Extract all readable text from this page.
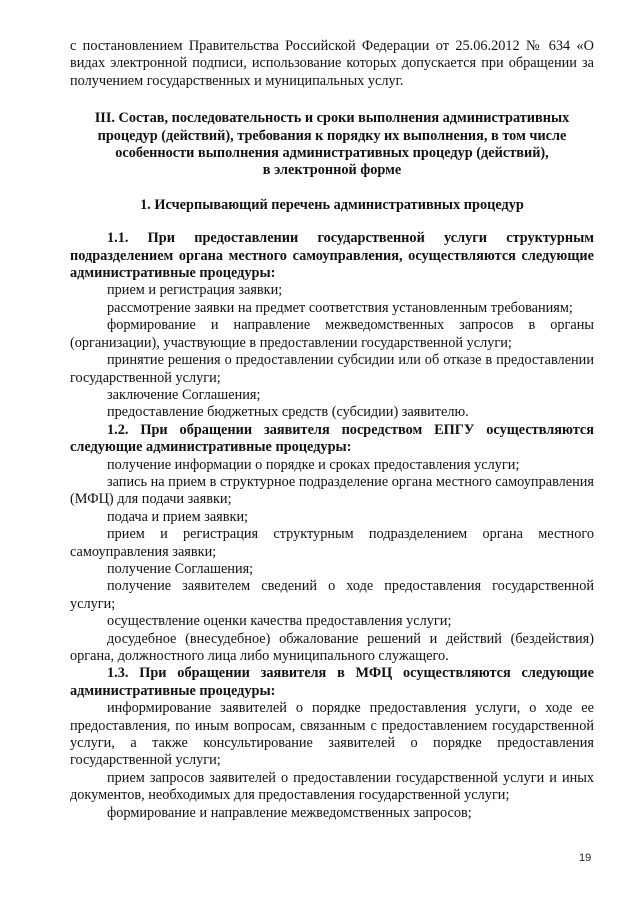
с постановлением Правительства Российской Федерации от 25.06.2012 № 634 «О видах электронной подписи, использование которых допускается при обращении за получением государственных и муниципальных услуг.

III. Состав, последовательность и сроки выполнения административных
процедур (действий), требования к порядку их выполнения, в том числе
особенности выполнения административных процедур (действий),
в электронной форме

1. Исчерпывающий перечень административных процедур

1.1. При предоставлении государственной услуги структурным подразделением органа местного самоуправления, осуществляются следующие административные процедуры:

прием и регистрация заявки;

рассмотрение заявки на предмет соответствия установленным требованиям;

формирование и направление межведомственных запросов в органы (организации), участвующие в предоставлении государственной услуги;

принятие решения о предоставлении субсидии или об отказе в предоставлении государственной услуги;

заключение Соглашения;

предоставление бюджетных средств (субсидии) заявителю.

1.2. При обращении заявителя посредством ЕПГУ осуществляются следующие административные процедуры:

получение информации о порядке и сроках предоставления услуги;

запись на прием в структурное подразделение органа местного самоуправления (МФЦ) для подачи заявки;

подача и прием заявки;

прием и регистрация структурным подразделением органа местного самоуправления заявки;

получение Соглашения;

получение заявителем сведений о ходе предоставления государственной услуги;

осуществление оценки качества предоставления услуги;

досудебное (внесудебное) обжалование решений и действий (бездействия) органа, должностного лица либо муниципального служащего.

1.3. При обращении заявителя в МФЦ осуществляются следующие административные процедуры:

информирование заявителей о порядке предоставления услуги, о ходе ее предоставления, по иным вопросам, связанным с предоставлением государственной услуги, а также консультирование заявителей о порядке предоставления государственной услуги;

прием запросов заявителей о предоставлении государственной услуги и иных документов, необходимых для предоставления государственной услуги;

формирование и направление межведомственных запросов;

19
